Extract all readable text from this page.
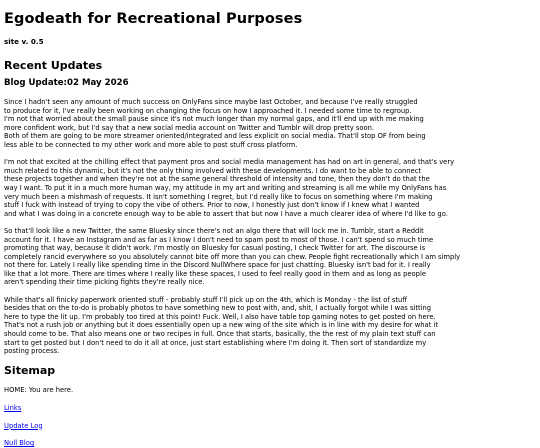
Egodeath for Recreational Purposes
site v. 0.5
Recent Updates
Blog Update:02 May 2026

Since I hadn't seen any amount of much success on OnlyFans since maybe last October, and because I've really struggled
to produce for it, I've really been working on changing the focus on how I approached it. I needed some time to regroup.
I'm not that worried about the small pause since it's not much longer than my normal gaps, and it'll end up with me making
more confident work, but I'd say that a new social media account on Twitter and Tumblr will drop pretty soon.
Both of them are going to be more streamer oriented/integrated and less explicit on social media. That'll stop OF from being
less able to be connected to my other work and more able to post stuff cross platform.

I'm not that excited at the chilling effect that payment pros and social media management has had on art in general, and that's very
much related to this dynamic, but it's not the only thing involved with these developments. I do want to be able to connect
these projects together and when they're not at the same general threshold of intensity and tone, then they don't do that the
way I want. To put it in a much more human way, my attitude in my art and writing and streaming is all me while my OnlyFans has
very much been a mishmash of requests. It isn't something I regret, but I'd really like to focus on something where I'm making
stuff I fuck with instead of trying to copy the vibe of others. Prior to now, I honestly just don't know if I knew what I wanted
and what I was doing in a concrete enough way to be able to assert that but now I have a much clearer idea of where I'd like to go.

So that'll look like a new Twitter, the same Bluesky since there's not an algo there that will lock me in. Tumblr, start a Reddit
account for it. I have an Instagram and as far as I know I don't need to spam post to most of those. I can't spend so much time
promoting that way, because it didn't work. I'm mostly on Bluesky for casual posting, I check Twitter for art. The discourse is
completely rancid everywhere so you absolutely cannot bite off more than you can chew. People fight recreationally which I am simply
not there for. Lately I really like spending time in the Discord NullWhere space for just chatting. Bluesky isn't bad for it. I really
like that a lot more. There are times where I really like these spaces, I used to feel really good in them and as long as people
aren't spending their time picking fights they're really nice.

While that's all finicky paperwork oriented stuff - probably stuff I'll pick up on the 4th, which is Monday - the list of stuff
besides that on the to-do is probably photos to have something new to post with, and, shit, I actually forgot while I was sitting
here to type the lit up. I'm probably too tired at this point! Fuck. Well, I also have table top gaming notes to get posted on here.
That's not a rush job or anything but it does essentially open up a new wing of the site which is in line with my desire for what it
should come to be. That also means one or two recipes in full. Once that starts, basically, the the rest of my plain text stuff can
start to get posted but I don't need to do it all at once, just start establishing where I'm doing it. Then sort of standardize my
posting process.

Sitemap

HOME: You are here.

Links

Update Log

Null Blog
